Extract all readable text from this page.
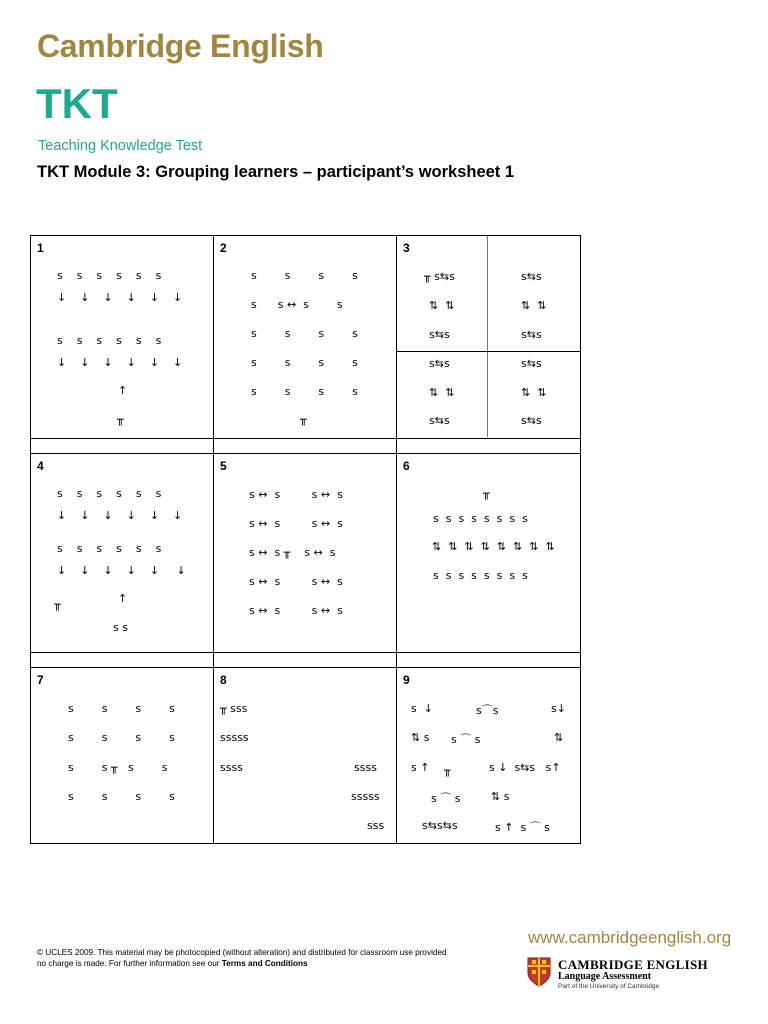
Cambridge English
TKT
Teaching Knowledge Test
TKT Module 3: Grouping learners – participant’s worksheet 1
1
s    s    s    s    s    s
↓    ↓    ↓    ↓    ↓    ↓
s    s    s    s    s    s
↓    ↓    ↓    ↓    ↓    ↓
↑
╥
2
s        s        s        s
s      s ↔  s        s
s        s        s        s
s        s        s        s
s        s        s        s
╥
3
╥ s⇆s
⇅  ⇅
s⇆s
s⇆s
⇅  ⇅
s⇆s
s⇆s
⇅  ⇅
s⇆s
s⇆s
⇅  ⇅
s⇆s
4
s    s    s    s    s    s
↓    ↓    ↓    ↓    ↓    ↓
s    s    s    s    s    s
↓    ↓    ↓    ↓    ↓     ↓
╥	↑
s s
5
s ↔  s         s ↔  s
s ↔  s         s ↔  s
s ↔  s ╥    s ↔  s
s ↔  s         s ↔  s
s ↔  s         s ↔  s
6
╥
s  s  s  s  s  s  s  s
⇅  ⇅  ⇅  ⇅  ⇅  ⇅  ⇅  ⇅
s  s  s  s  s  s  s  s
7
s        s        s        s
s        s        s        s
s        s ╥   s        s
s        s        s        s
8
╥ sss
sssss
ssss	ssss
sssss
sss
9
s  ↓	s⌒s	s↓
⇅ s s ⌒ s	⇅
s ↑ ╥	s ↓  s⇆s   s↑
s ⌒ s	⇅ s
s⇆s⇆s	s ↑  s ⌒ s
© UCLES 2009. This material may be photocopied (without alteration) and distributed for classroom use provided no charge is made. For further information see our Terms and Conditions
www.cambridgeenglish.org
CAMBRIDGE ENGLISH
Language Assessment
Part of the University of Cambridge
